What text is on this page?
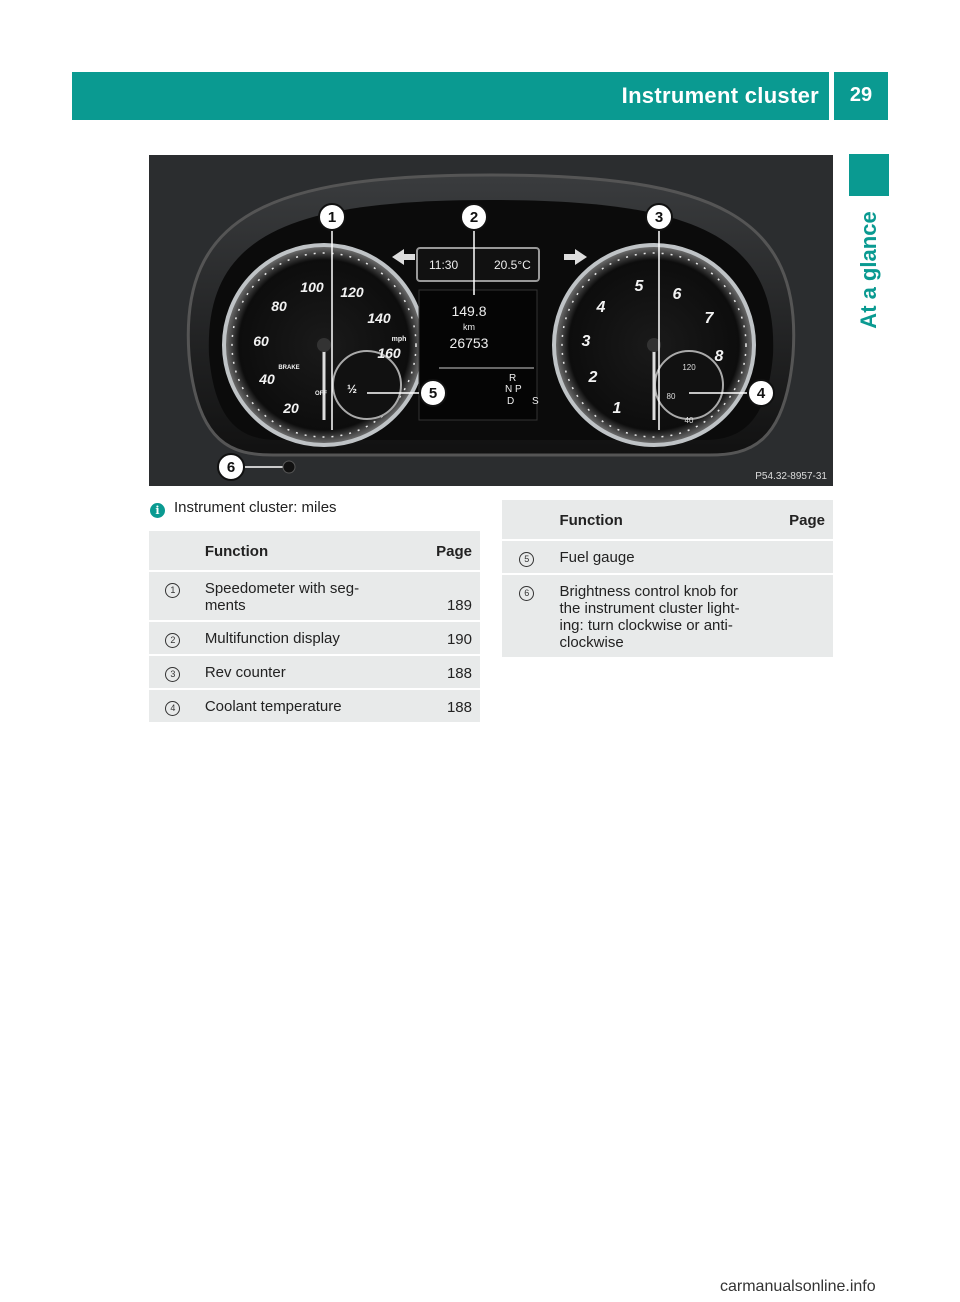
Instrument cluster	29
At a glance
1	2	3
4
5
6
11:30	20.5°C
149.8
km
26753
R
N P
D S
20
40
60
80
100 120
140
160
mph
BRAKE
OFF ½
1
2
3
4
5 6
7
8
40
80
120
P54.32-8957-31
i Instrument cluster: miles
	Function	Page
1	Speedometer with seg-
ments	189
2	Multifunction display	190
3	Rev counter	188
4	Coolant temperature	188
	Function	Page
5	Fuel gauge	
6	Brightness control knob for
the instrument cluster light-
ing: turn clockwise or anti-
clockwise	
carmanualsonline.info
